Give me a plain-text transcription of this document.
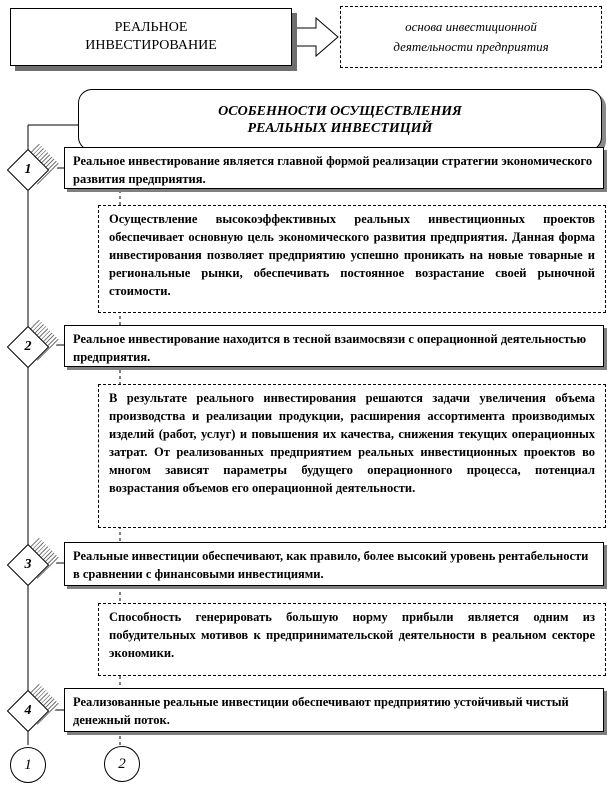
РЕАЛЬНОЕ
ИНВЕСТИРОВАНИЕ
основа инвестиционной
деятельности предприятия
ОСОБЕННОСТИ ОСУЩЕСТВЛЕНИЯ
РЕАЛЬНЫХ ИНВЕСТИЦИЙ
1
Реальное инвестирование является главной формой реализации стратегии экономического развития предприятия.
Осуществление высокоэффективных реальных инвестиционных проектов обеспечивает основную цель экономического развития предприятия. Данная форма инвестирования позволяет предприятию успешно проникать на новые товарные и региональные рынки, обеспечивать постоянное возрастание своей рыночной стоимости.
2	Реальное инвестирование находится в тесной взаимосвязи с операционной деятельностью предприятия.
В результате реального инвестирования решаются задачи увеличения объема производства и реализации продукции, расширения ассортимента производимых изделий (работ, услуг) и повышения их качества, снижения текущих операционных затрат. От реализованных предприятием реальных инвестиционных проектов во многом зависят параметры будущего операционного процесса, потенциал возрастания объемов его операционной деятельности.
3
Реальные инвестиции обеспечивают, как правило, более высокий уровень рентабельности в сравнении с финансовыми инвестициями.
Способность генерировать большую норму прибыли является одним из побудительных мотивов к предпринимательской деятельности в реальном секторе экономики.
4
Реализованные реальные инвестиции обеспечивают предприятию устойчивый чистый денежный поток.
1	2
